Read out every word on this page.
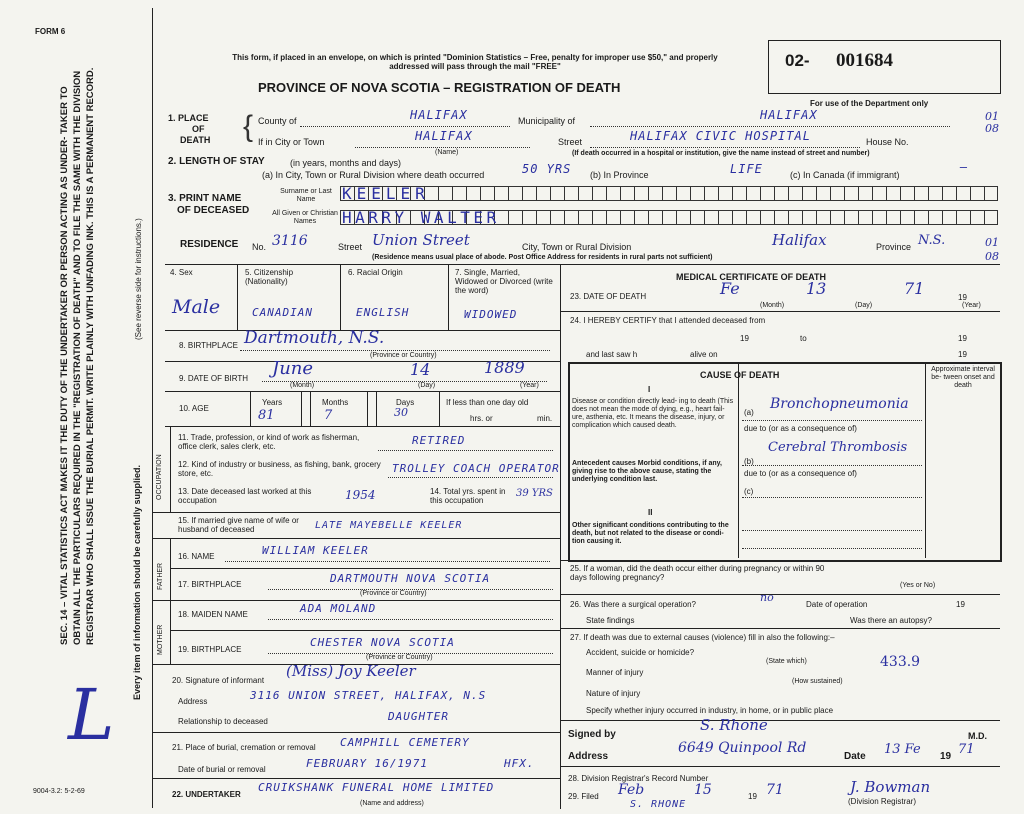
FORM 6
SEC. 14 – VITAL STATISTICS ACT MAKES IT THE DUTY OF THE UNDERTAKER OR PERSON ACTING AS UNDER- TAKER TO OBTAIN ALL THE PARTICULARS REQUIRED IN THE "REGISTRATION OF DEATH" AND TO FILE THE SAME WITH THE DIVISION REGISTRAR WHO SHALL ISSUE THE BURIAL PERMIT. WRITE PLAINLY WITH UNFADING INK. THIS IS A PERMANENT RECORD.	(See reverse side for instructions.)
Every item of information should be carefully supplied.
L
9004-3.2: 5-2-69
This form, if placed in an envelope, on which is printed "Dominion Statistics – Free, penalty for improper use $50," and properly addressed will pass through the mail "FREE"
PROVINCE OF NOVA SCOTIA – REGISTRATION OF DEATH
02- 001684
For use of the Department only
01
08
1. PLACE
OF
DEATH { County of	HALIFAX	Municipality of	HALIFAX
If in City or Town	HALIFAX
(Name)
Street	HALIFAX CIVIC HOSPITAL	House No.
(If death occurred in a hospital or institution, give the name instead of street and number)
2. LENGTH OF STAY	(in years, months and days)
(a) In City, Town or Rural Division where death occurred	50 YRS (b) In Province	LIFE	(c) In Canada (if immigrant)
—
3. PRINT NAME
OF DECEASED
Surname or Last Name
All Given or Christian Names
KEELER
HARRY WALTER
RESIDENCE No. 3116	Street Union Street	City, Town or Rural Division	Halifax	Province N.S.	01
08
(Residence means usual place of abode. Post Office Address for residents in rural parts not sufficient)
4. Sex	5. Citizenship (Nationality)
6. Racial Origin	7. Single, Married, Widowed or Divorced (write the word)
Male	CANADIAN	ENGLISH	WIDOWED
8. BIRTHPLACE Dartmouth, N.S.
(Province or Country)
9. DATE OF BIRTH June	14	1889
(Month)	(Day)	(Year)
10. AGE
Years	Months	Days
81	7	30
If less than one day old
hrs. or	min.
OCCUPATION
11. Trade, profession, or kind of work as fisherman, office clerk, sales clerk, etc.	RETIRED
12. Kind of industry or business, as fishing, bank, grocery store, etc.	TROLLEY COACH OPERATOR
13. Date deceased last worked at this occupation	1954	14. Total yrs. spent in this occupation
39 YRS
15. If married give name of wife or husband of deceased	LATE MAYEBELLE KEELER
FATHER
MOTHER
16. NAME	WILLIAM KEELER
17. BIRTHPLACE	DARTMOUTH NOVA SCOTIA
(Province or Country)
18. MAIDEN NAME	ADA MOLAND
19. BIRTHPLACE
CHESTER NOVA SCOTIA
(Province or Country)
20. Signature of informant
(Miss) Joy Keeler
Address	3116 UNION STREET, HALIFAX, N.S
Relationship to deceased	DAUGHTER
21. Place of burial, cremation or removal CAMPHILL CEMETERY
Date of burial or removal	FEBRUARY 16/1971	HFX.
22. UNDERTAKER
CRUIKSHANK FUNERAL HOME LIMITED
(Name and address)
MEDICAL CERTIFICATE OF DEATH
23. DATE OF DEATH	Fe	13	71	19
(Month)	(Day)	(Year)
24. I HEREBY CERTIFY that I attended deceased from
19	to	19
and last saw h	alive on	19
CAUSE OF DEATH
Approximate interval be- tween onset and death
I
Disease or condition directly lead- ing to death (This does not mean the mode of dying, e.g., heart fail- ure, asthenia, etc. It means the disease, injury, or complication which caused death.
(a)
Bronchopneumonia
due to (or as a consequence of)
Cerebral Thrombosis
Antecedent causes Morbid conditions, if any, giving rise to the above cause, stating the underlying condition last.
(b)
due to (or as a consequence of)
(c)
II
Other significant conditions contributing to the death, but not related to the disease or condi- tion causing it.
25. If a woman, did the death occur either during pregnancy or within 90 days following pregnancy?
(Yes or No)
26. Was there a surgical operation?
no
Date of operation	19
State findings	Was there an autopsy?
27. If death was due to external causes (violence) fill in also the following:–
Accident, suicide or homicide?
(State which)	433.9
Manner of injury
(How sustained)
Nature of injury
Specify whether injury occurred in industry, in home, or in public place
Signed by
S. Rhone
M.D.
Address
6649 Quinpool Rd
Date 13 Fe 19 71
28. Division Registrar's Record Number
29. Filed Feb	15	19 71	J. Bowman
(Division Registrar)
S. RHONE
